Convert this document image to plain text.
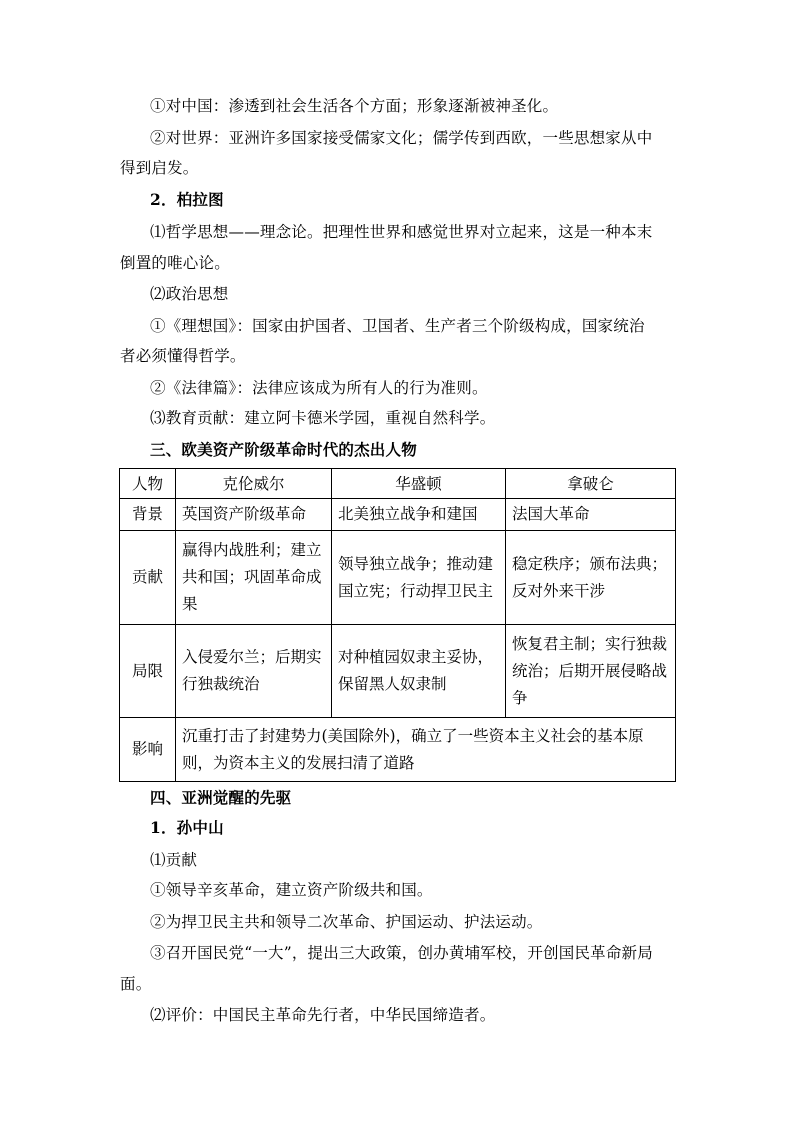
①对中国：渗透到社会生活各个方面；形象逐渐被神圣化。
②对世界：亚洲许多国家接受儒家文化；儒学传到西欧，一些思想家从中
得到启发。
2．柏拉图
⑴哲学思想——理念论。把理性世界和感觉世界对立起来，这是一种本末
倒置的唯心论。
⑵政治思想
①《理想国》：国家由护国者、卫国者、生产者三个阶级构成，国家统治
者必须懂得哲学。
②《法律篇》：法律应该成为所有人的行为准则。
⑶教育贡献：建立阿卡德米学园，重视自然科学。
三、欧美资产阶级革命时代的杰出人物
人物	克伦威尔	华盛顿	拿破仑
背景	英国资产阶级革命	北美独立战争和建国	法国大革命

贡献	赢得内战胜利；建立共和国；巩固革命成果	领导独立战争；推动建国立宪；行动捍卫民主	稳定秩序；颁布法典；反对外来干涉

局限	入侵爱尔兰；后期实行独裁统治	对种植园奴隶主妥协，保留黑人奴隶制	恢复君主制；实行独裁统治；后期开展侵略战争

影响	沉重打击了封建势力(美国除外)，确立了一些资本主义社会的基本原则，为资本主义的发展扫清了道路		
四、亚洲觉醒的先驱
1．孙中山
⑴贡献
①领导辛亥革命，建立资产阶级共和国。
②为捍卫民主共和领导二次革命、护国运动、护法运动。
③召开国民党“一大”，提出三大政策，创办黄埔军校，开创国民革命新局
面。
⑵评价：中国民主革命先行者，中华民国缔造者。
